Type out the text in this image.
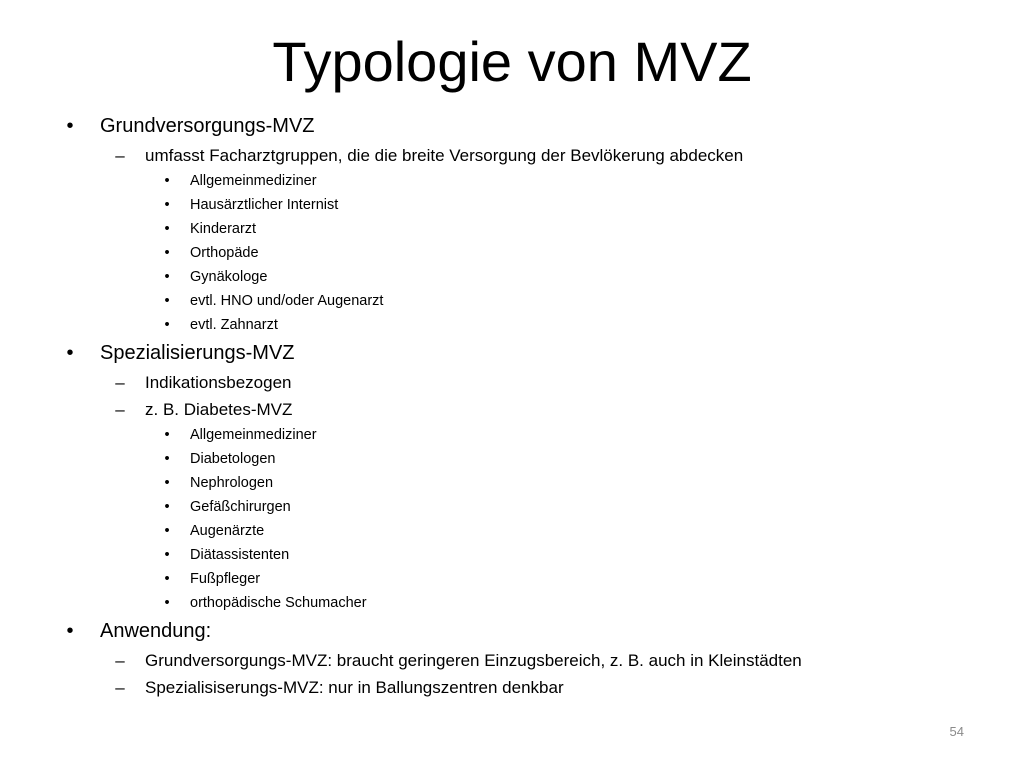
Typologie von MVZ
•	Grundversorgungs-MVZ
–	umfasst Facharztgruppen, die die breite Versorgung der Bevlökerung abdecken
•	Allgemeinmediziner
•	Hausärztlicher Internist
•	Kinderarzt
•	Orthopäde
•	Gynäkologe
•	evtl. HNO und/oder Augenarzt
•	evtl. Zahnarzt
•	Spezialisierungs-MVZ
–	Indikationsbezogen
–	z. B. Diabetes-MVZ
•	Allgemeinmediziner
•	Diabetologen
•	Nephrologen
•	Gefäßchirurgen
•	Augenärzte
•	Diätassistenten
•	Fußpfleger
•	orthopädische Schumacher
•	Anwendung:
–	Grundversorgungs-MVZ: braucht geringeren Einzugsbereich, z. B. auch in Kleinstädten
–	Spezialisiserungs-MVZ: nur in Ballungszentren denkbar
54
